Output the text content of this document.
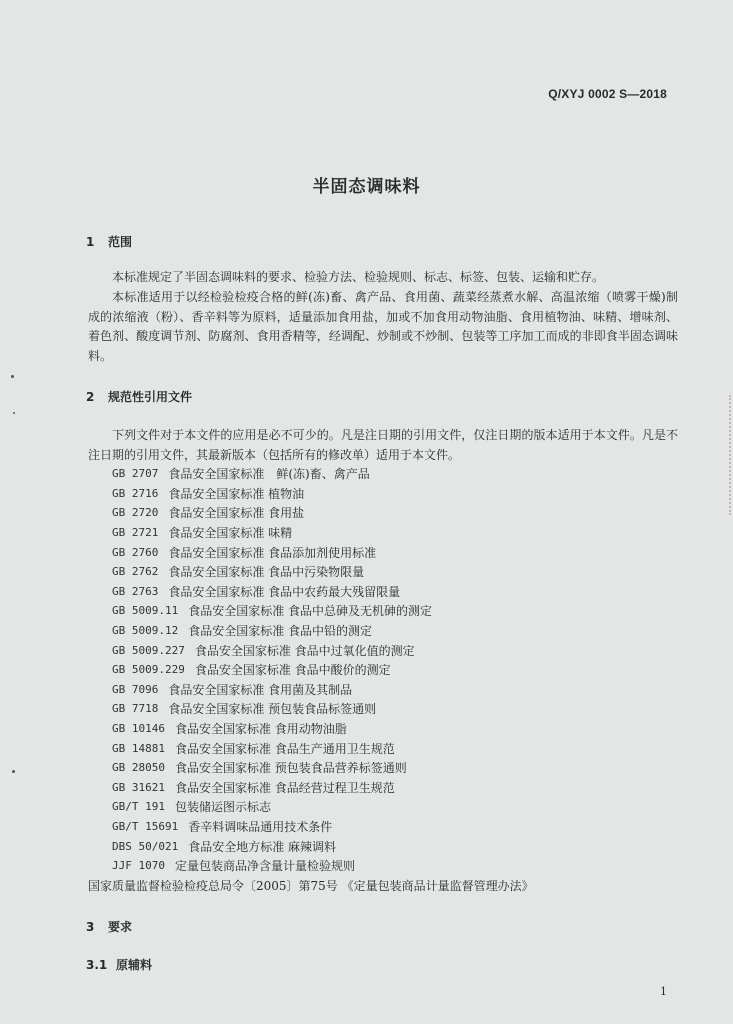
Q/XYJ 0002 S—2018
半固态调味料
1 范围
本标准规定了半固态调味料的要求、检验方法、检验规则、标志、标签、包装、运输和贮存。
本标准适用于以经检验检疫合格的鲜(冻)畜、禽产品、食用菌、蔬菜经蒸煮水解、高温浓缩（喷雾干燥)制成的浓缩液（粉）、香辛料等为原料，适量添加食用盐，加或不加食用动物油脂、食用植物油、味精、增味剂、着色剂、酸度调节剂、防腐剂、食用香精等，经调配、炒制或不炒制、包装等工序加工而成的非即食半固态调味料。
2 规范性引用文件
下列文件对于本文件的应用是必不可少的。凡是注日期的引用文件，仅注日期的版本适用于本文件。凡是不注日期的引用文件，其最新版本（包括所有的修改单）适用于本文件。
GB 2707 食品安全国家标准　鲜(冻)畜、禽产品
GB 2716 食品安全国家标准 植物油
GB 2720 食品安全国家标准 食用盐
GB 2721 食品安全国家标准 味精
GB 2760 食品安全国家标准 食品添加剂使用标准
GB 2762 食品安全国家标准 食品中污染物限量
GB 2763 食品安全国家标准 食品中农药最大残留限量
GB 5009.11 食品安全国家标准 食品中总砷及无机砷的测定
GB 5009.12 食品安全国家标准 食品中铅的测定
GB 5009.227 食品安全国家标准 食品中过氧化值的测定
GB 5009.229 食品安全国家标准 食品中酸价的测定
GB 7096 食品安全国家标准 食用菌及其制品
GB 7718 食品安全国家标准 预包装食品标签通则
GB 10146 食品安全国家标准 食用动物油脂
GB 14881 食品安全国家标准 食品生产通用卫生规范
GB 28050 食品安全国家标准 预包装食品营养标签通则
GB 31621 食品安全国家标准 食品经营过程卫生规范
GB/T 191 包装储运图示标志
GB/T 15691 香辛料调味品通用技术条件
DBS 50/021 食品安全地方标准 麻辣调料
JJF 1070 定量包装商品净含量计量检验规则
国家质量监督检验检疫总局令〔2005〕第75号 《定量包装商品计量监督管理办法》
3 要求
3.1 原辅料
1
